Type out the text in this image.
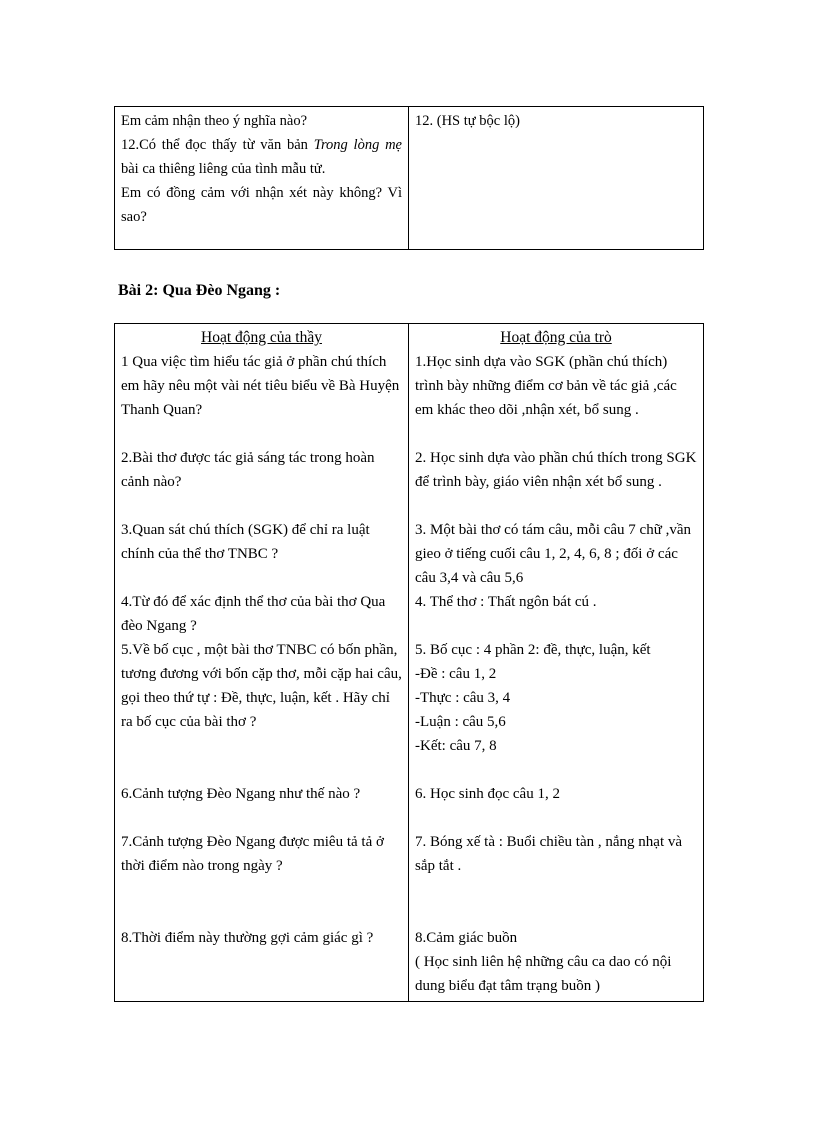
Em cảm nhận theo ý nghĩa nào?

12.Có thể đọc thấy từ văn bản Trong lòng mẹ bài ca thiêng liêng của tình mẫu tử.

Em có đồng cảm với nhận xét này không? Vì sao?

12. (HS tự bộc lộ)

Bài 2: Qua Đèo Ngang :
Hoạt động của thầy
1 Qua việc tìm hiểu tác giả ở phần chú thích em hãy nêu một vài nét tiêu biểu về Bà Huyện Thanh Quan?
2.Bài thơ được tác giả sáng tác trong hoàn cảnh nào?
3.Quan sát chú thích (SGK) để chỉ ra luật chính của thể thơ TNBC ?
4.Từ đó để xác định thể thơ của bài thơ Qua đèo Ngang ?
5.Về bố cục , một bài thơ TNBC có bốn phần, tương đương với bốn cặp thơ, mỗi cặp hai câu, gọi theo thứ tự : Đề, thực, luận, kết . Hãy chỉ ra bố cục của bài thơ ?
6.Cảnh tượng Đèo Ngang như thế nào ?
7.Cảnh tượng Đèo Ngang được miêu tả tả ở thời điểm nào trong ngày ?
8.Thời điểm này thường gợi cảm giác gì ?
Hoạt động của trò
1.Học sinh dựa vào SGK (phần chú thích) trình bày những điểm cơ bản về tác giả ,các em khác theo dõi ,nhận xét, bổ sung .
2. Học sinh dựa vào phần chú thích trong SGK để trình bày, giáo viên nhận xét bổ sung .
3. Một bài thơ có tám câu, mỗi câu 7 chữ ,vần gieo ở tiếng cuối câu 1, 2, 4, 6, 8 ; đối ở các câu 3,4 và câu 5,6
4. Thể thơ : Thất ngôn bát cú .
5. Bố cục : 4 phần 2: đề, thực, luận, kết
-Đề : câu 1, 2
-Thực : câu 3, 4
-Luận : câu 5,6
-Kết: câu 7, 8
6. Học sinh đọc câu 1, 2
7. Bóng xế tà : Buổi chiều tàn , nắng nhạt và sắp tắt .
8.Cảm giác buồn
( Học sinh liên hệ những câu ca dao có nội dung biểu đạt tâm trạng buồn )
